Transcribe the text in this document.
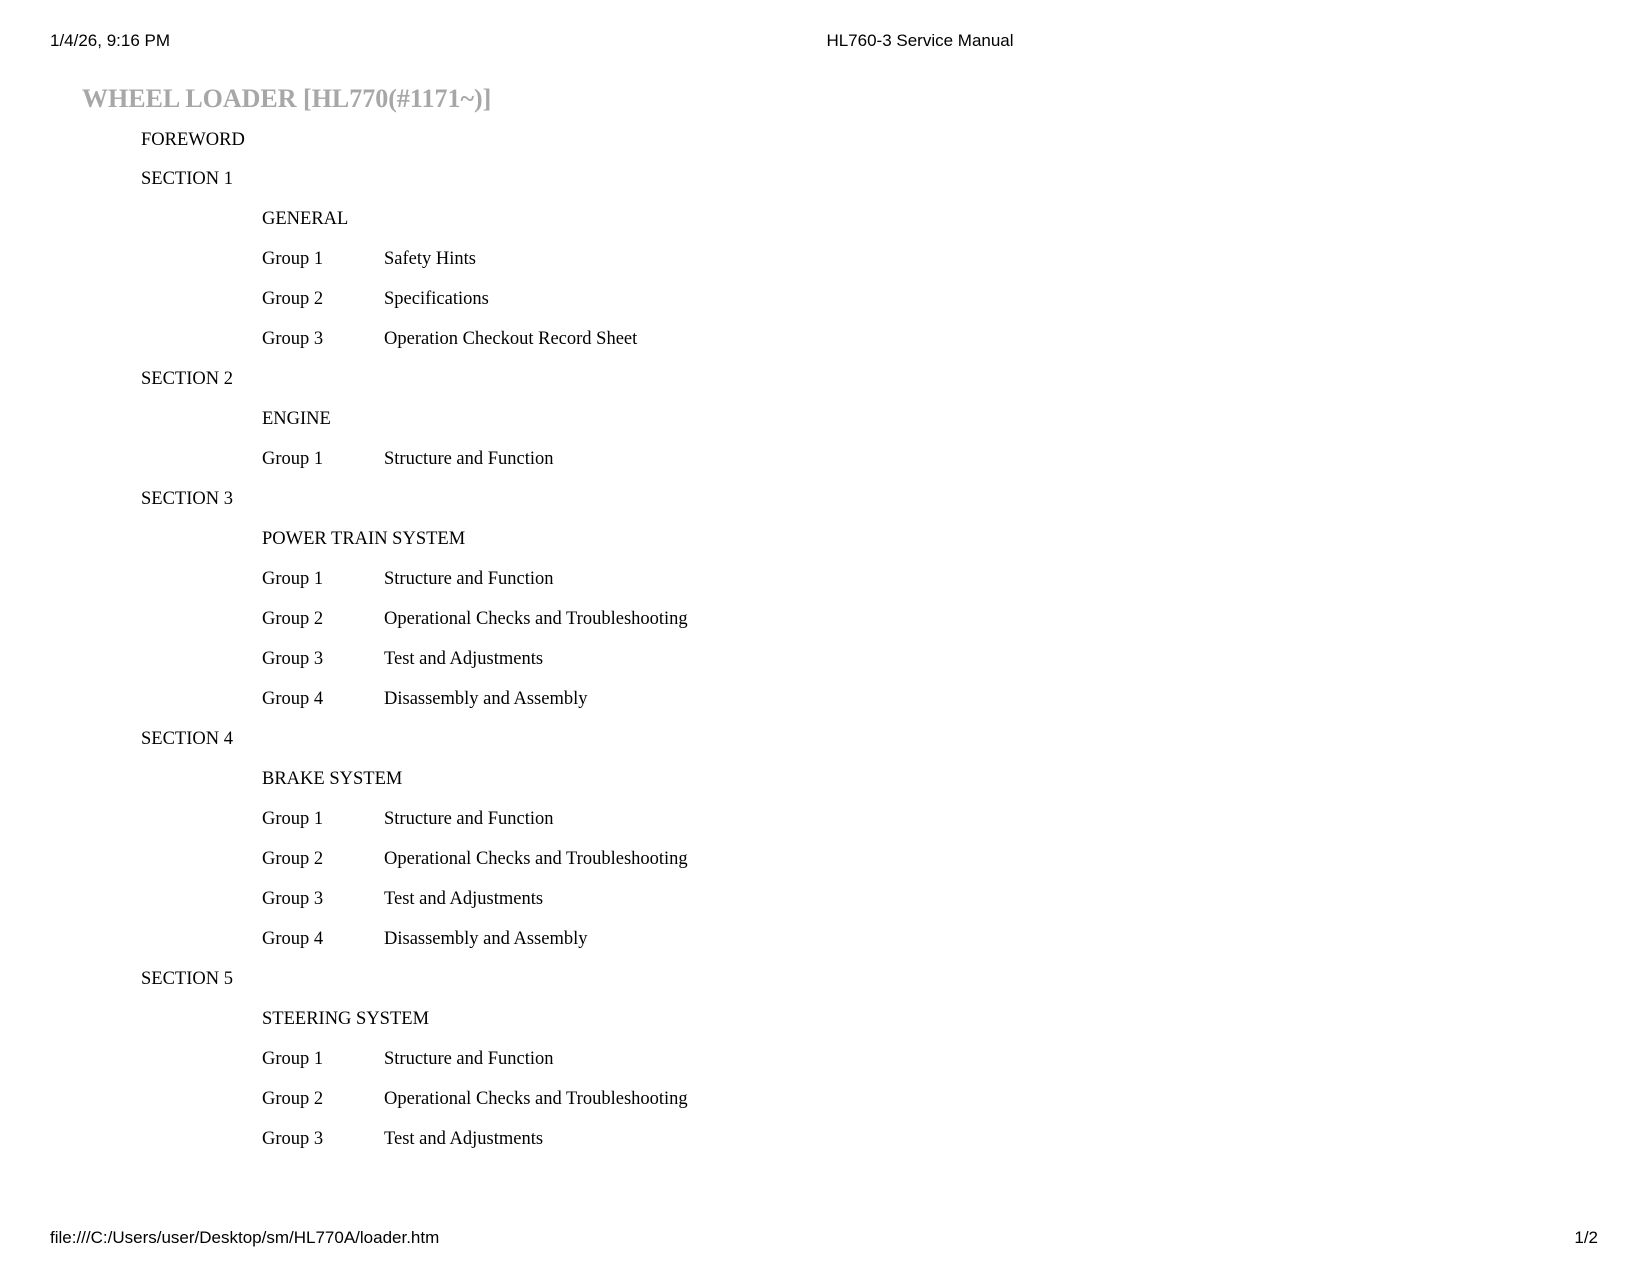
1/4/26, 9:16 PM	HL760-3 Service Manual
WHEEL LOADER [HL770(#1171~)]
FOREWORD
SECTION 1
GENERAL
Group 1	Safety Hints
Group 2	Specifications
Group 3	Operation Checkout Record Sheet
SECTION 2
ENGINE
Group 1	Structure and Function
SECTION 3
POWER TRAIN SYSTEM
Group 1	Structure and Function
Group 2	Operational Checks and Troubleshooting
Group 3	Test and Adjustments
Group 4	Disassembly and Assembly
SECTION 4
BRAKE SYSTEM
Group 1	Structure and Function
Group 2	Operational Checks and Troubleshooting
Group 3	Test and Adjustments
Group 4	Disassembly and Assembly
SECTION 5
STEERING SYSTEM
Group 1	Structure and Function
Group 2	Operational Checks and Troubleshooting
Group 3	Test and Adjustments
file:///C:/Users/user/Desktop/sm/HL770A/loader.htm	1/2
